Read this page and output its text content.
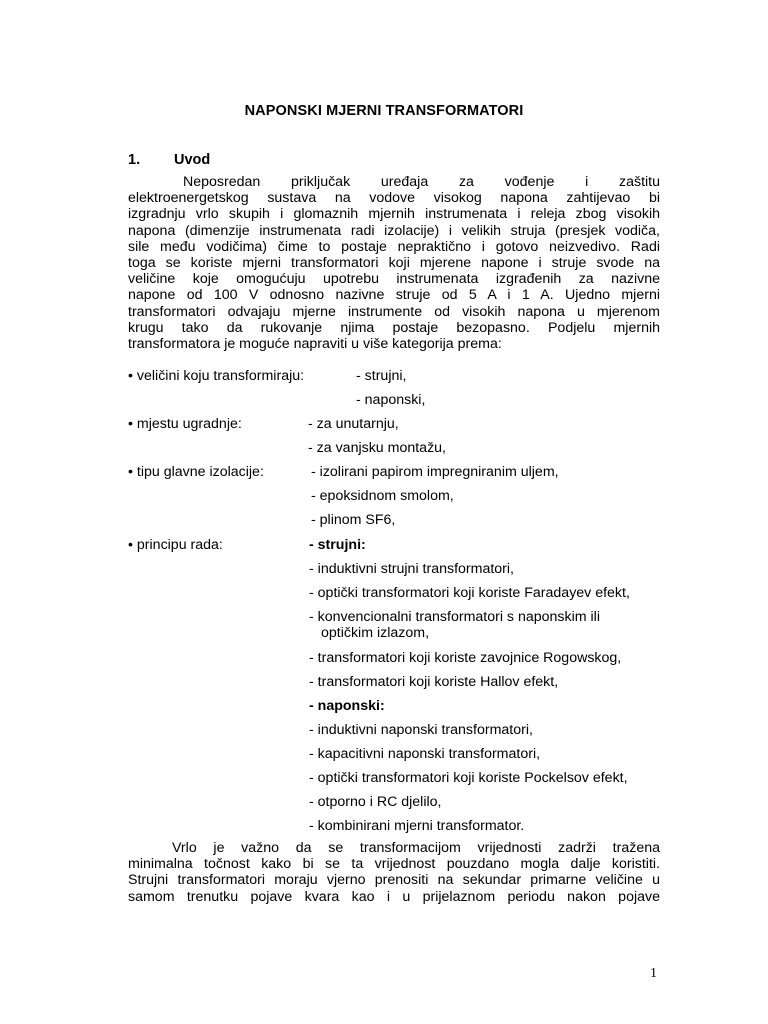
NAPONSKI MJERNI TRANSFORMATORI
1. Uvod
Neposredan priključak uređaja za vođenje i zaštitu
elektroenergetskog sustava na vodove visokog napona zahtijevao bi
izgradnju vrlo skupih i glomaznih mjernih instrumenata i releja zbog visokih
napona (dimenzije instrumenata radi izolacije) i velikih struja (presjek vodiča,
sile među vodičima) čime to postaje nepraktično i gotovo neizvedivo. Radi
toga se koriste mjerni transformatori koji mjerene napone i struje svode na
veličine koje omogućuju upotrebu instrumenata izgrađenih za nazivne
napone od 100 V odnosno nazivne struje od 5 A i 1 A. Ujedno mjerni
transformatori odvajaju mjerne instrumente od visokih napona u mjerenom
krugu tako da rukovanje njima postaje bezopasno. Podjelu mjernih
transformatora je moguće napraviti u više kategorija prema:
• veličini koju transformiraju:	- strujni,
- naponski,
• mjestu ugradnje:	- za unutarnju,
- za vanjsku montažu,
• tipu glavne izolacije:	- izolirani papirom impregniranim uljem,
- epoksidnom smolom,
- plinom SF6,
• principu rada:	- strujni:
- induktivni strujni transformatori,
- optički transformatori koji koriste Faradayev efekt,
- konvencionalni transformatori s naponskim ili
optičkim izlazom,
- transformatori koji koriste zavojnice Rogowskog,
- transformatori koji koriste Hallov efekt,
- naponski:
- induktivni naponski transformatori,
- kapacitivni naponski transformatori,
- optički transformatori koji koriste Pockelsov efekt,
- otporno i RC djelilo,
- kombinirani mjerni transformator.
Vrlo je važno da se transformacijom vrijednosti zadrži tražena
minimalna točnost kako bi se ta vrijednost pouzdano mogla dalje koristiti.
Strujni transformatori moraju vjerno prenositi na sekundar primarne veličine u
samom trenutku pojave kvara kao i u prijelaznom periodu nakon pojave
1
